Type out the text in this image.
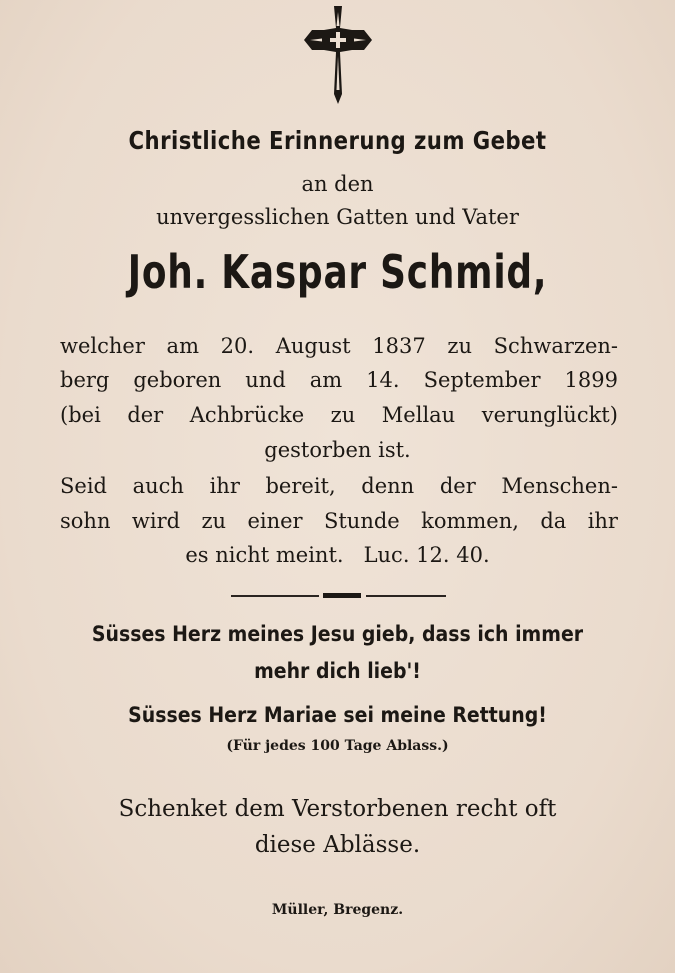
Christliche Erinnerung zum Gebet
an den
unvergesslichen Gatten und Vater
Joh. Kaspar Schmid,
welcher am 20. August 1837 zu Schwarzen-
berg geboren und am 14. September 1899
(bei der Achbrücke zu Mellau verunglückt)
gestorben ist.
Seid auch ihr bereit, denn der Menschen-
sohn wird zu einer Stunde kommen, da ihr
es nicht meint.   Luc. 12. 40.
Süsses Herz meines Jesu gieb, dass ich immer
mehr dich lieb'!
Süsses Herz Mariae sei meine Rettung!
(Für jedes 100 Tage Ablass.)
Schenket dem Verstorbenen recht oft
diese Ablässe.
Müller, Bregenz.
